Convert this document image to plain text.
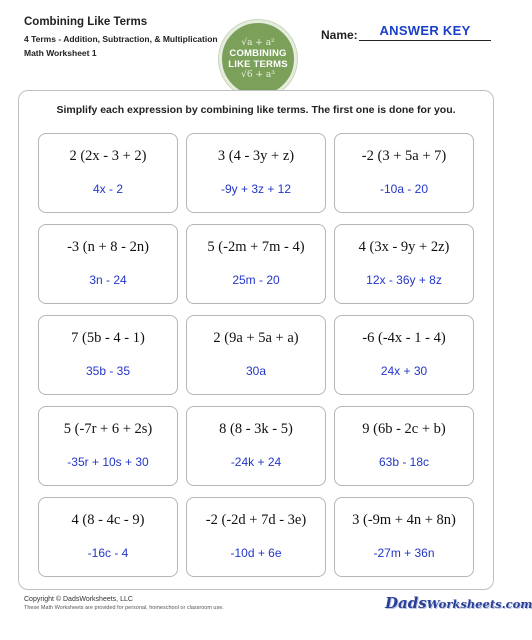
Combining Like Terms
4 Terms - Addition, Subtraction, & Multiplication
Math Worksheet 1
√a + a²
COMBINING
LIKE TERMS
√6 + a³
Name:	ANSWER KEY
Simplify each expression by combining like terms. The first one is done for you.
2 (2x - 3 + 2)
4x - 2
3 (4 - 3y + z)
-9y + 3z + 12
-2 (3 + 5a + 7)
-10a - 20
-3 (n + 8 - 2n)
3n - 24
5 (-2m + 7m - 4)
25m - 20
4 (3x - 9y + 2z)
12x - 36y + 8z
7 (5b - 4 - 1)
35b - 35
2 (9a + 5a + a)
30a
-6 (-4x - 1 - 4)
24x + 30
5 (-7r + 6 + 2s)
-35r + 10s + 30
8 (8 - 3k - 5)
-24k + 24
9 (6b - 2c + b)
63b - 18c
4 (8 - 4c - 9)
-16c - 4
-2 (-2d + 7d - 3e)
-10d + 6e
3 (-9m + 4n + 8n)
-27m + 36n
Copyright © DadsWorksheets, LLC
These Math Worksheets are provided for personal, homeschool or classroom use.	DadsWorksheets.com
